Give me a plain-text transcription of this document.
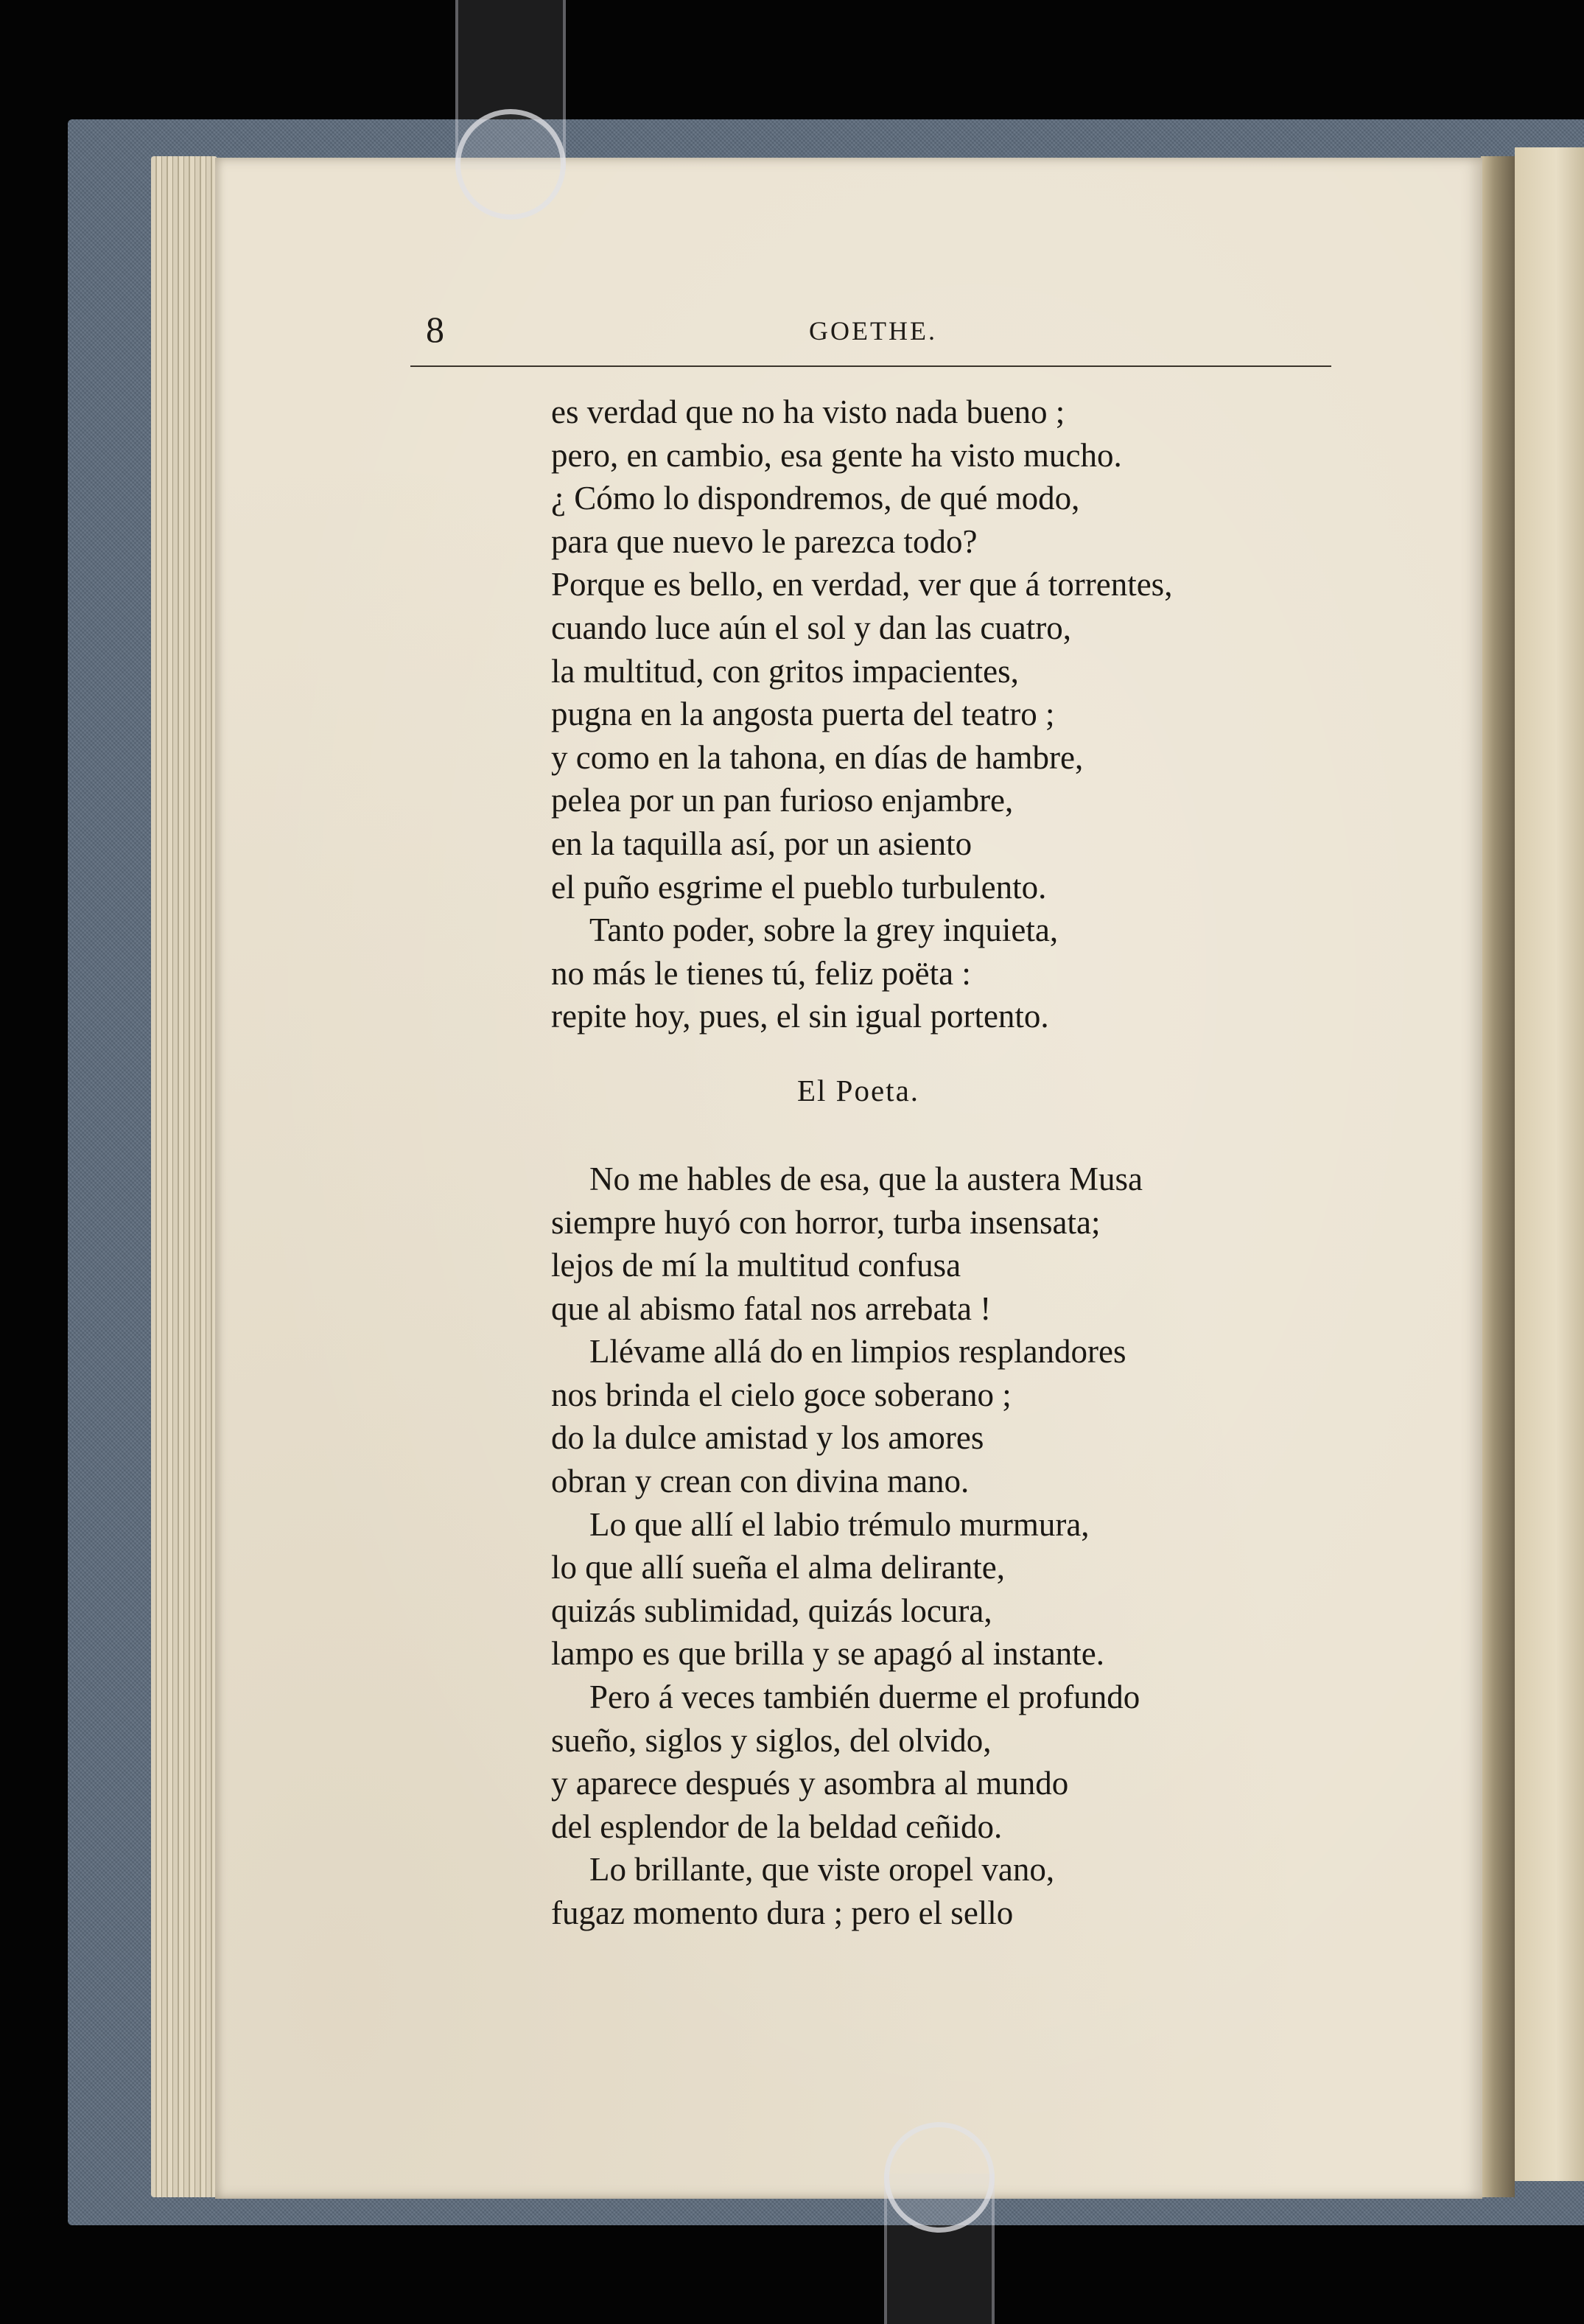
8	GOETHE.

es verdad que no ha visto nada bueno ;

pero, en cambio, esa gente ha visto mucho.

¿ Cómo lo dispondremos, de qué modo,

para que nuevo le parezca todo?

Porque es bello, en verdad, ver que á torrentes,

cuando luce aún el sol y dan las cuatro,

la multitud, con gritos impacientes,

pugna en la angosta puerta del teatro ;

y como en la tahona, en días de hambre,

pelea por un pan furioso enjambre,

en la taquilla así, por un asiento

el puño esgrime el pueblo turbulento.

Tanto poder, sobre la grey inquieta,

no más le tienes tú, feliz poëta :

repite hoy, pues, el sin igual portento.

El Poeta.

No me hables de esa, que la austera Musa

siempre huyó con horror, turba insensata;

lejos de mí la multitud confusa

que al abismo fatal nos arrebata !

Llévame allá do en limpios resplandores

nos brinda el cielo goce soberano ;

do la dulce amistad y los amores

obran y crean con divina mano.

Lo que allí el labio trémulo murmura,

lo que allí sueña el alma delirante,

quizás sublimidad, quizás locura,

lampo es que brilla y se apagó al instante.

Pero á veces también duerme el profundo

sueño, siglos y siglos, del olvido,

y aparece después y asombra al mundo

del esplendor de la beldad ceñido.

Lo brillante, que viste oropel vano,

fugaz momento dura ; pero el sello
